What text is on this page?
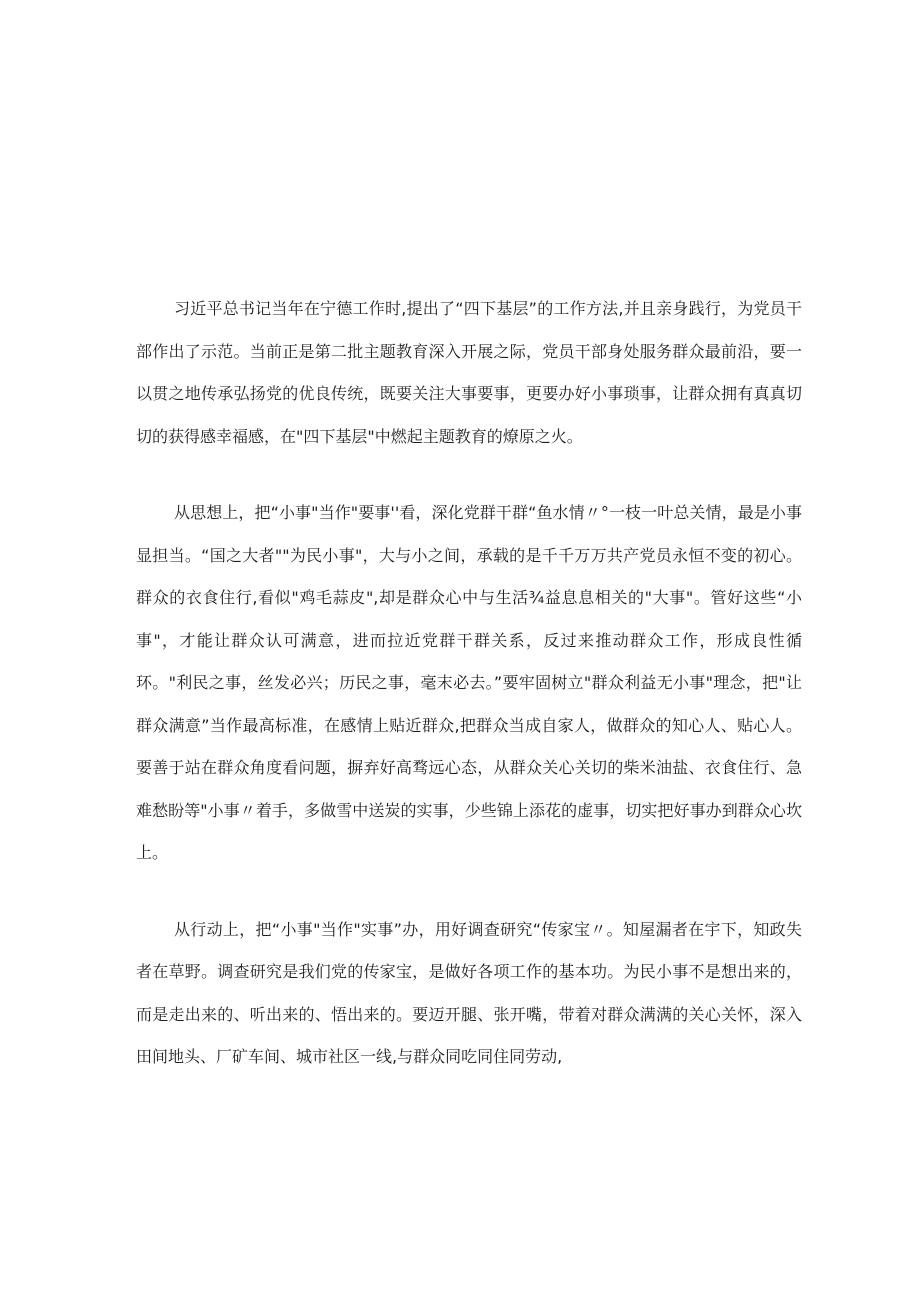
习近平总书记当年在宁德工作时,提出了“四下基层”的工作方法,并且亲身践行，为党员干部作出了示范。当前正是第二批主题教育深入开展之际，党员干部身处服务群众最前沿，要一以贯之地传承弘扬党的优良传统，既要关注大事要事，更要办好小事琐事，让群众拥有真真切切的获得感幸福感，在"四下基层"中燃起主题教育的燎原之火。

从思想上，把“小事"当作"要事''看，深化党群干群“鱼水情〃°一枝一叶总关情，最是小事显担当。“国之大者""为民小事"，大与小之间，承载的是千千万万共产党员永恒不变的初心。群众的衣食住行,看似"鸡毛蒜皮",却是群众心中与生活¾益息息相关的"大事"。管好这些“小事"，才能让群众认可满意，进而拉近党群干群关系，反过来推动群众工作，形成良性循环。"利民之事，丝发必兴；历民之事，毫末必去。”要牢固树立"群众利益无小事"理念，把"让群众满意”当作最高标准，在感情上贴近群众,把群众当成自家人，做群众的知心人、贴心人。要善于站在群众角度看问题，摒弃好高骛远心态，从群众关心关切的柴米油盐、衣食住行、急难愁盼等"小事〃着手，多做雪中送炭的实事，少些锦上添花的虚事，切实把好事办到群众心坎上。

从行动上，把“小事"当作"实事”办，用好调查研究“传家宝〃。知屋漏者在宇下，知政失者在草野。调查研究是我们党的传家宝，是做好各项工作的基本功。为民小事不是想出来的，而是走出来的、听出来的、悟出来的。要迈开腿、张开嘴，带着对群众满满的关心关怀，深入田间地头、厂矿车间、城市社区一线,与群众同吃同住同劳动,
